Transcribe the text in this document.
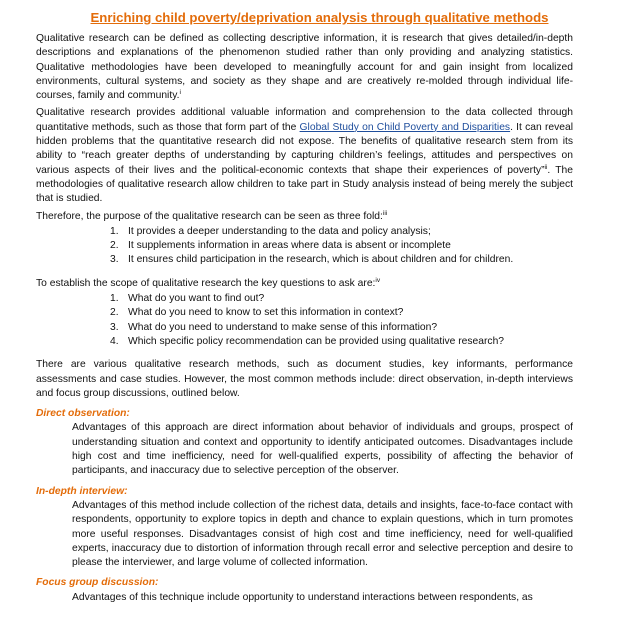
Enriching child poverty/deprivation analysis through qualitative methods

Qualitative research can be defined as collecting descriptive information, it is research that gives detailed/in-depth descriptions and explanations of the phenomenon studied rather than only providing and analyzing statistics. Qualitative methodologies have been developed to meaningfully account for and gain insight from localized environments, cultural systems, and society as they shape and are creatively re-molded through individual life-courses, family and community.$^i$

Qualitative research provides additional valuable information and comprehension to the data collected through quantitative methods, such as those that form part of the Global Study on Child Poverty and Disparities. It can reveal hidden problems that the quantitative research did not expose. The benefits of qualitative research stem from its ability to “reach greater depths of understanding by capturing children’s feelings, attitudes and perspectives on various aspects of their lives and the political-economic contexts that shape their experiences of poverty”$^{ii}$. The methodologies of qualitative research allow children to take part in Study analysis instead of being merely the subject that is studied.

Therefore, the purpose of the qualitative research can be seen as three fold:$^{iii}$

1. It provides a deeper understanding to the data and policy analysis;
2. It supplements information in areas where data is absent or incomplete
3. It ensures child participation in the research, which is about children and for children.

To establish the scope of qualitative research the key questions to ask are:$^{iv}$

1. What do you want to find out?
2. What do you need to know to set this information in context?
3. What do you need to understand to make sense of this information?
4. Which specific policy recommendation can be provided using qualitative research?

There are various qualitative research methods, such as document studies, key informants, performance assessments and case studies. However, the most common methods include: direct observation, in-depth interviews and focus group discussions, outlined below.

Direct observation:
Advantages of this approach are direct information about behavior of individuals and groups, prospect of understanding situation and context and opportunity to identify anticipated outcomes. Disadvantages include high cost and time inefficiency, need for well-qualified experts, possibility of affecting the behavior of participants, and inaccuracy due to selective perception of the observer.
In-depth interview:
Advantages of this method include collection of the richest data, details and insights, face-to-face contact with respondents, opportunity to explore topics in depth and chance to explain questions, which in turn promotes more useful responses. Disadvantages consist of high cost and time inefficiency, need for well-qualified experts, inaccuracy due to distortion of information through recall error and selective perception and desire to please the interviewer, and large volume of collected information.
Focus group discussion:
Advantages of this technique include opportunity to understand interactions between respondents, as
